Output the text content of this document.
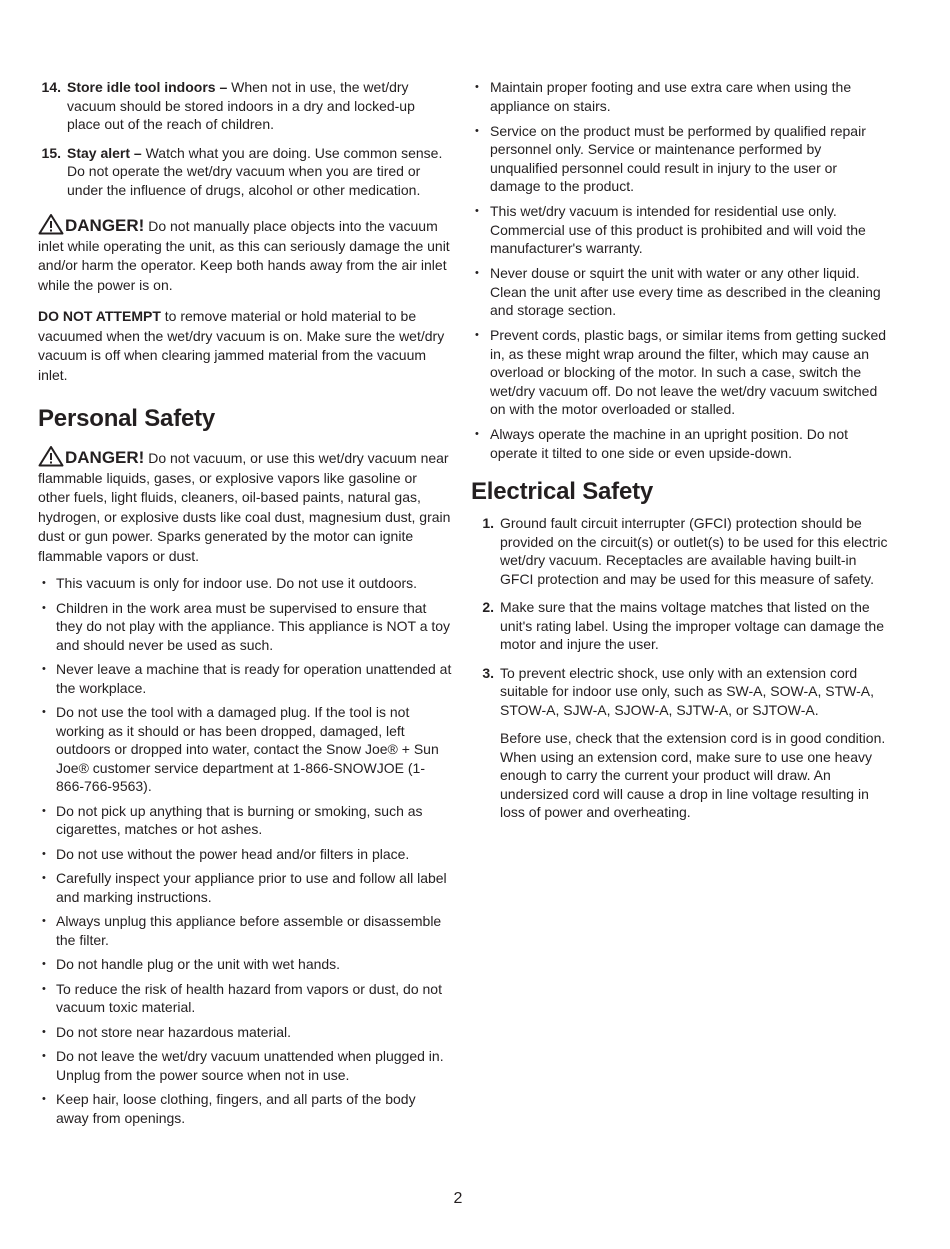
14. Store idle tool indoors – When not in use, the wet/dry vacuum should be stored indoors in a dry and locked-up place out of the reach of children.
15. Stay alert – Watch what you are doing. Use common sense. Do not operate the wet/dry vacuum when you are tired or under the influence of drugs, alcohol or other medication.

DANGER! Do not manually place objects into the vacuum inlet while operating the unit, as this can seriously damage the unit and/or harm the operator. Keep both hands away from the air inlet while the power is on.

DO NOT ATTEMPT to remove material or hold material to be vacuumed when the wet/dry vacuum is on. Make sure the wet/dry vacuum is off when clearing jammed material from the vacuum inlet.

Personal Safety

DANGER! Do not vacuum, or use this wet/dry vacuum near flammable liquids, gases, or explosive vapors like gasoline or other fuels, light fluids, cleaners, oil-based paints, natural gas, hydrogen, or explosive dusts like coal dust, magnesium dust, grain dust or gun power. Sparks generated by the motor can ignite flammable vapors or dust.

• This vacuum is only for indoor use. Do not use it outdoors.
• Children in the work area must be supervised to ensure that they do not play with the appliance. This appliance is NOT a toy and should never be used as such.
• Never leave a machine that is ready for operation unattended at the workplace.
• Do not use the tool with a damaged plug. If the tool is not working as it should or has been dropped, damaged, left outdoors or dropped into water, contact the Snow Joe® + Sun Joe® customer service department at 1-866-SNOWJOE (1-866-766-9563).
• Do not pick up anything that is burning or smoking, such as cigarettes, matches or hot ashes.
• Do not use without the power head and/or filters in place.
• Carefully inspect your appliance prior to use and follow all label and marking instructions.
• Always unplug this appliance before assemble or disassemble the filter.
• Do not handle plug or the unit with wet hands.
• To reduce the risk of health hazard from vapors or dust, do not vacuum toxic material.
• Do not store near hazardous material.
• Do not leave the wet/dry vacuum unattended when plugged in. Unplug from the power source when not in use.
• Keep hair, loose clothing, fingers, and all parts of the body away from openings.
• Maintain proper footing and use extra care when using the appliance on stairs.
• Service on the product must be performed by qualified repair personnel only. Service or maintenance performed by unqualified personnel could result in injury to the user or damage to the product.
• This wet/dry vacuum is intended for residential use only. Commercial use of this product is prohibited and will void the manufacturer's warranty.
• Never douse or squirt the unit with water or any other liquid. Clean the unit after use every time as described in the cleaning and storage section.
• Prevent cords, plastic bags, or similar items from getting sucked in, as these might wrap around the filter, which may cause an overload or blocking of the motor. In such a case, switch the wet/dry vacuum off. Do not leave the wet/dry vacuum switched on with the motor overloaded or stalled.
• Always operate the machine in an upright position. Do not operate it tilted to one side or even upside-down.
Electrical Safety
1. Ground fault circuit interrupter (GFCI) protection should be provided on the circuit(s) or outlet(s) to be used for this electric wet/dry vacuum. Receptacles are available having built-in GFCI protection and may be used for this measure of safety.
2. Make sure that the mains voltage matches that listed on the unit's rating label. Using the improper voltage can damage the motor and injure the user.
3. To prevent electric shock, use only with an extension cord suitable for indoor use only, such as SW-A, SOW-A, STW-A, STOW-A, SJW-A, SJOW-A, SJTW-A, or SJTOW-A.

Before use, check that the extension cord is in good condition. When using an extension cord, make sure to use one heavy enough to carry the current your product will draw. An undersized cord will cause a drop in line voltage resulting in loss of power and overheating.

2
